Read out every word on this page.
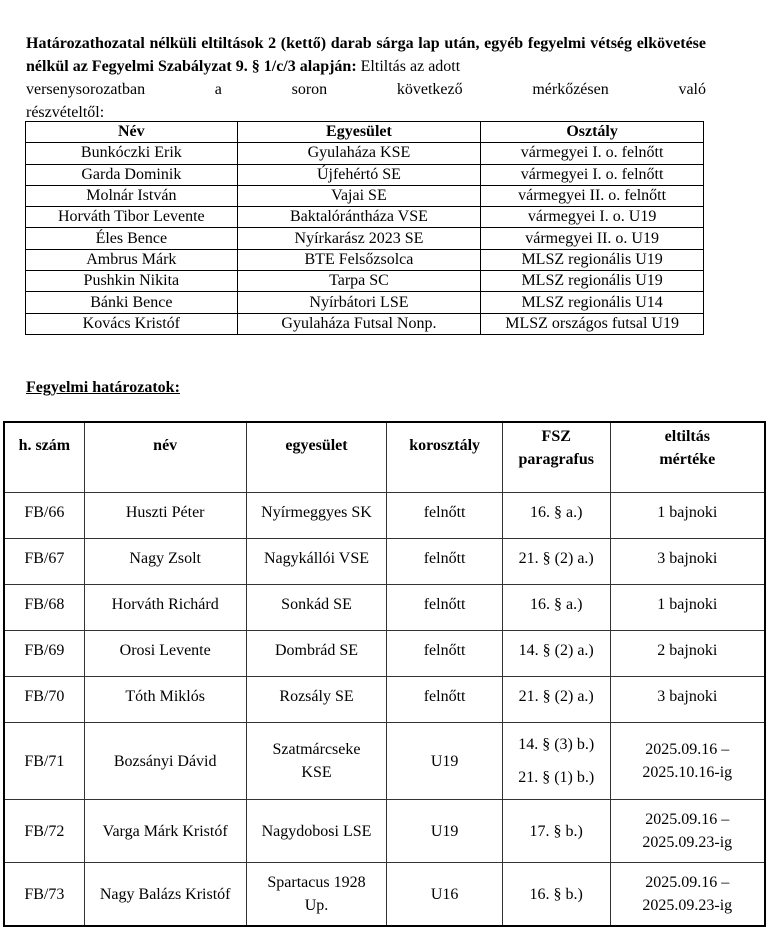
Határozathozatal nélküli eltiltások 2 (kettő) darab sárga lap után, egyéb fegyelmi vétség elkövetése nélkül az Fegyelmi Szabályzat 9. § 1/c/3 alapján: Eltiltás az adott
versenysorozatban a soron következő mérkőzésen való
részvételtől:
Név	Egyesület	Osztály
Bunkóczki Erik	Gyulaháza KSE	vármegyei I. o. felnőtt
Garda Dominik	Újfehértó SE	vármegyei I. o. felnőtt
Molnár István	Vajai SE	vármegyei II. o. felnőtt
Horváth Tibor Levente	Baktalórántháza VSE	vármegyei I. o. U19
Éles Bence	Nyírkarász 2023 SE	vármegyei II. o. U19
Ambrus Márk	BTE Felsőzsolca	MLSZ regionális U19
Pushkin Nikita	Tarpa SC	MLSZ regionális U19
Bánki Bence	Nyírbátori LSE	MLSZ regionális U14
Kovács Kristóf	Gyulaháza Futsal Nonp.	MLSZ országos futsal U19
Fegyelmi határozatok:
h. szám	név	egyesület	korosztály	FSZ
paragrafus	eltiltás
mértéke

FB/66	Huszti Péter	Nyírmeggyes SK	felnőtt	16. § a.)	1 bajnoki

FB/67	Nagy Zsolt	Nagykállói VSE	felnőtt	21. § (2) a.)	3 bajnoki

FB/68	Horváth Richárd	Sonkád SE	felnőtt	16. § a.)	1 bajnoki

FB/69	Orosi Levente	Dombrád SE	felnőtt	14. § (2) a.)	2 bajnoki

FB/70	Tóth Miklós	Rozsály SE	felnőtt	21. § (2) a.)	3 bajnoki

FB/71	Bozsányi Dávid	Szatmárcseke
KSE	U19	14. § (3) b.)
21. § (1) b.)	2025.09.16 –
2025.10.16-ig

FB/72	Varga Márk Kristóf	Nagydobosi LSE	U19	17. § b.)	2025.09.16 –
2025.09.23-ig

FB/73	Nagy Balázs Kristóf	Spartacus 1928
Up.	U16	16. § b.)	2025.09.16 –
2025.09.23-ig
